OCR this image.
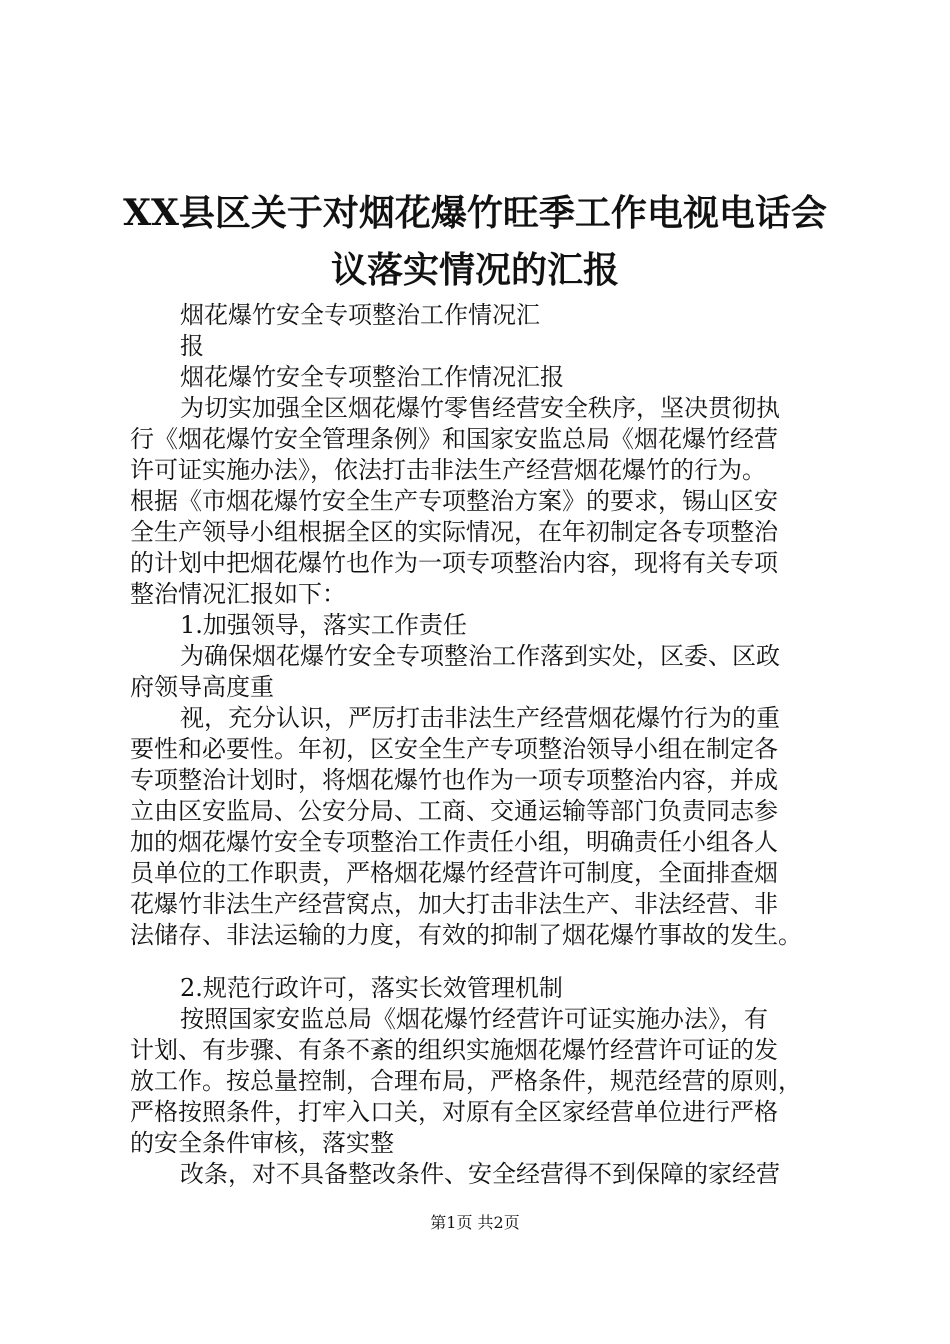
XX县区关于对烟花爆竹旺季工作电视电话会
议落实情况的汇报
烟花爆竹安全专项整治工作情况汇
报
烟花爆竹安全专项整治工作情况汇报
为切实加强全区烟花爆竹零售经营安全秩序，坚决贯彻执
行《烟花爆竹安全管理条例》和国家安监总局《烟花爆竹经营
许可证实施办法》，依法打击非法生产经营烟花爆竹的行为。
根据《市烟花爆竹安全生产专项整治方案》的要求，锡山区安
全生产领导小组根据全区的实际情况，在年初制定各专项整治
的计划中把烟花爆竹也作为一项专项整治内容，现将有关专项
整治情况汇报如下：
1.加强领导，落实工作责任
为确保烟花爆竹安全专项整治工作落到实处，区委、区政
府领导高度重
视，充分认识，严厉打击非法生产经营烟花爆竹行为的重
要性和必要性。年初，区安全生产专项整治领导小组在制定各
专项整治计划时，将烟花爆竹也作为一项专项整治内容，并成
立由区安监局、公安分局、工商、交通运输等部门负责同志参
加的烟花爆竹安全专项整治工作责任小组，明确责任小组各人
员单位的工作职责，严格烟花爆竹经营许可制度，全面排查烟
花爆竹非法生产经营窝点，加大打击非法生产、非法经营、非
法储存、非法运输的力度，有效的抑制了烟花爆竹事故的发生。
2.规范行政许可，落实长效管理机制
按照国家安监总局《烟花爆竹经营许可证实施办法》，有
计划、有步骤、有条不紊的组织实施烟花爆竹经营许可证的发
放工作。按总量控制，合理布局，严格条件，规范经营的原则，
严格按照条件，打牢入口关，对原有全区家经营单位进行严格
的安全条件审核，落实整
改条，对不具备整改条件、安全经营得不到保障的家经营
第1页 共2页
